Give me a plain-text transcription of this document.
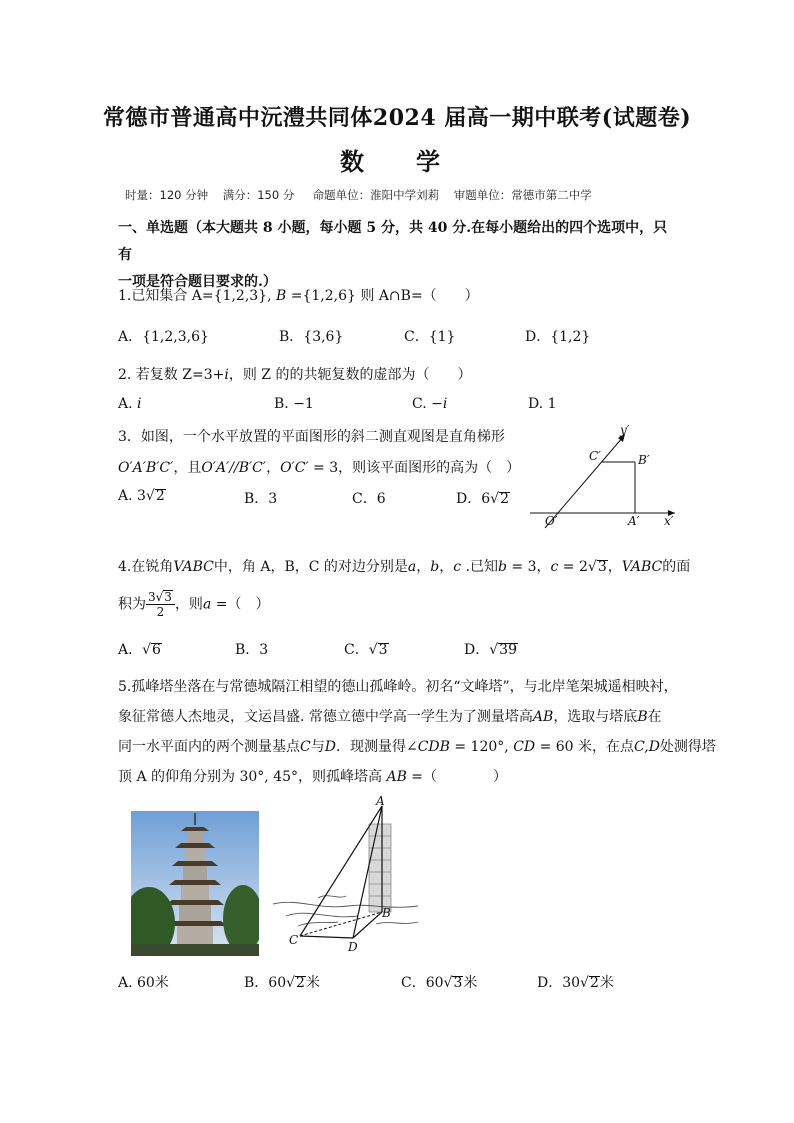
常德市普通高中沅澧共同体2024 届高一期中联考(试题卷)
数　学
时量：120 分钟    满分：150 分     命题单位：淮阳中学刘莉    审题单位：常德市第二中学
一、单选题（本大题共 8 小题，每小题 5 分，共 40 分.在每小题给出的四个选项中，只有
一项是符合题目要求的.）
1.已知集合 A={1,2,3}, B ={1,2,6} 则 A∩B=（　　）
A．{1,2,3,6}	B．{3,6}	C．{1}	D．{1,2}
2. 若复数 Z=3+i，则 Z 的的共轭复数的虚部为（　　）
A. i	B. −1	C. −i	D. 1
3．如图，一个水平放置的平面图形的斜二测直观图是直角梯形
O′A′B′C′，且O′A′//B′C′，O′C′ = 3，则该平面图形的高为（　）
A. 3√2	B．3	C．6	D．6√2
y′
C′	B′
O′	A′ x′
4.在锐角VABC中，角 A，B，C 的对边分别是a，b，c .已知b = 3，c = 2√3，VABC的面
积为 $\frac{3√3}{2}$ ，则a =（　）
A．√6	B．3	C．√3	D．√39
5.孤峰塔坐落在与常德城隔江相望的德山孤峰岭。初名“文峰塔”，与北岸笔架城遥相映衬，
象征常德人杰地灵，文运昌盛. 常德立德中学高一学生为了测量塔高AB，选取与塔底B在
同一水平面内的两个测量基点C与D．现测量得∠CDB = 120°, CD = 60 米，在点C,D处测得塔
顶 A 的仰角分别为 30°, 45°，则孤峰塔高 AB =（　　　　）
A
B
C	D
A. 60米	B．60√2米	C．60√3米	D．30√2米
